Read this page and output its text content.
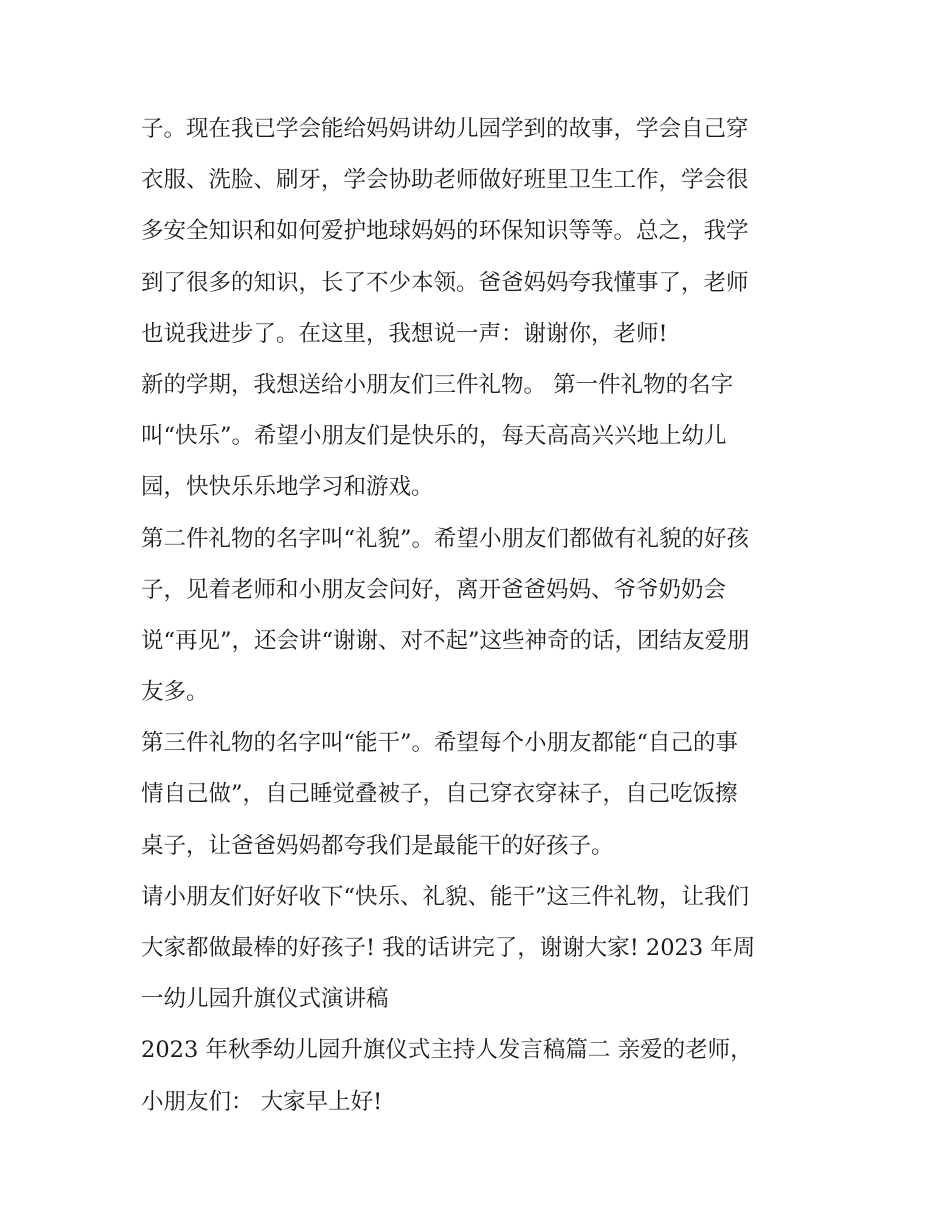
子。现在我已学会能给妈妈讲幼儿园学到的故事，学会自己穿
衣服、洗脸、刷牙，学会协助老师做好班里卫生工作，学会很
多安全知识和如何爱护地球妈妈的环保知识等等。总之，我学
到了很多的知识，长了不少本领。爸爸妈妈夸我懂事了，老师
也说我进步了。在这里，我想说一声：谢谢你，老师!
新的学期，我想送给小朋友们三件礼物。 第一件礼物的名字
叫“快乐”。希望小朋友们是快乐的，每天高高兴兴地上幼儿
园，快快乐乐地学习和游戏。
第二件礼物的名字叫“礼貌”。希望小朋友们都做有礼貌的好孩
子，见着老师和小朋友会问好，离开爸爸妈妈、爷爷奶奶会
说“再见”，还会讲“谢谢、对不起”这些神奇的话，团结友爱朋
友多。
第三件礼物的名字叫“能干”。希望每个小朋友都能“自己的事
情自己做”，自己睡觉叠被子，自己穿衣穿袜子，自己吃饭擦
桌子，让爸爸妈妈都夸我们是最能干的好孩子。
请小朋友们好好收下“快乐、礼貌、能干”这三件礼物，让我们
大家都做最棒的好孩子! 我的话讲完了，谢谢大家! 2023 年周
一幼儿园升旗仪式演讲稿
2023 年秋季幼儿园升旗仪式主持人发言稿篇二 亲爱的老师，
小朋友们： 大家早上好!
